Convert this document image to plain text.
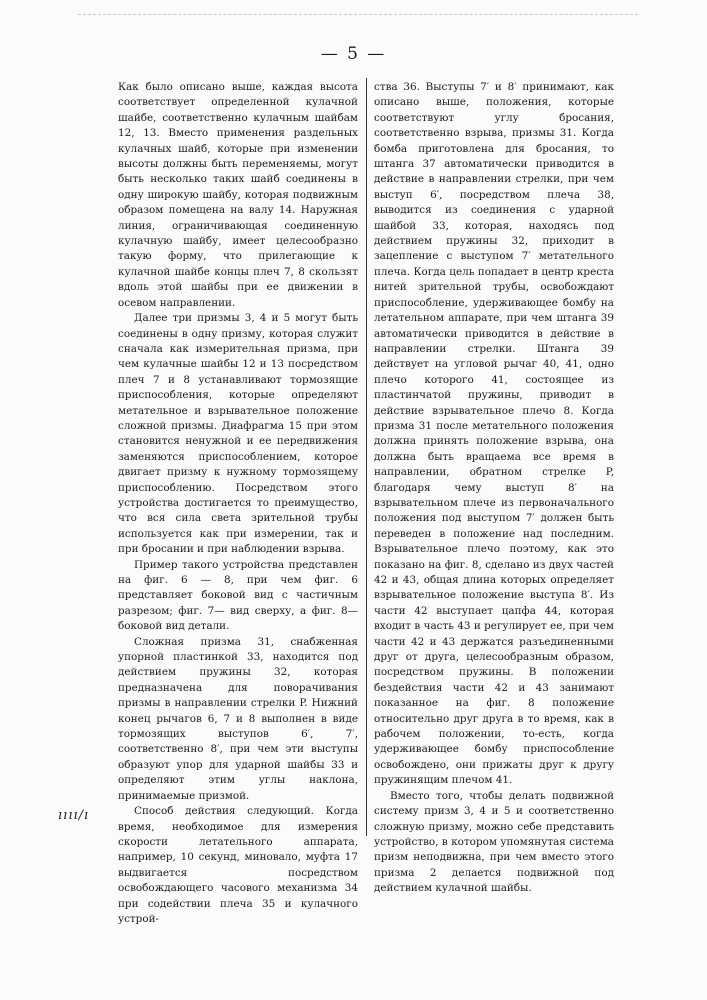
— 5 —

Как было описано выше, каждая высота соответствует определенной кулачной шайбе, соответственно кулачным шайбам 12, 13. Вместо применения раздельных кулачных шайб, которые при изменении высоты должны быть переменяемы, могут быть несколько таких шайб соединены в одну широкую шайбу, которая подвижным образом помещена на валу 14. Наружная линия, ограничивающая соединенную кулачную шайбу, имеет целесообразно такую форму, что прилегающие к кулачной шайбе концы плеч 7, 8 скользят вдоль этой шайбы при ее движении в осевом направлении.

Далее три призмы 3, 4 и 5 могут быть соединены в одну призму, которая служит сначала как измерительная призма, при чем кулачные шайбы 12 и 13 посредством плеч 7 и 8 устанавливают тормозящие приспособления, которые определяют метательное и взрывательное положение сложной призмы. Диафрагма 15 при этом становится ненужной и ее передвижения заменяются приспособлением, которое двигает призму к нужному тормозящему приспособлению. Посредством этого устройства достигается то преимущество, что вся сила света зрительной трубы используется как при измерении, так и при бросании и при наблюдении взрыва.

Пример такого устройства представлен на фиг. 6 — 8, при чем фиг. 6 представляет боковой вид с частичным разрезом; фиг. 7— вид сверху, а фиг. 8—боковой вид детали.

Сложная призма 31, снабженная упорной пластинкой 33, находится под действием пружины 32, которая предназначена для поворачивания призмы в направлении стрелки P. Нижний конец рычагов 6, 7 и 8 выполнен в виде тормозящих выступов 6′, 7′, соответственно 8′, при чем эти выступы образуют упор для ударной шайбы 33 и определяют этим углы наклона, принимаемые призмой.

Способ действия следующий. Когда время, необходимое для измерения скорости летательного аппарата, например, 10 секунд, миновало, муфта 17 выдвигается посредством освобождающего часового механизма 34 при содействии плеча 35 и кулачного устрой-

ства 36. Выступы 7′ и 8′ принимают, как описано выше, положения, которые соответствуют углу бросания, соответственно взрыва, призмы 31. Когда бомба приготовлена для бросания, то штанга 37 автоматически приводится в действие в направлении стрелки, при чем выступ 6′, посредством плеча 38, выводится из соединения с ударной шайбой 33, которая, находясь под действием пружины 32, приходит в зацепление с выступом 7′ метательного плеча. Когда цель попадает в центр креста нитей зрительной трубы, освобождают приспособление, удерживающее бомбу на летательном аппарате, при чем штанга 39 автоматически приводится в действие в направлении стрелки. Штанга 39 действует на угловой рычаг 40, 41, одно плечо которого 41, состоящее из пластинчатой пружины, приводит в действие взрывательное плечо 8. Когда призма 31 после метательного положения должна принять положение взрыва, она должна быть вращаема все время в направлении, обратном стрелке P, благодаря чему выступ 8′ на взрывательном плече из первоначального положения под выступом 7′ должен быть переведен в положение над последним. Взрывательное плечо поэтому, как это показано на фиг. 8, сделано из двух частей 42 и 43, общая длина которых определяет взрывательное положение выступа 8′. Из части 42 выступает цапфа 44, которая входит в часть 43 и регулирует ее, при чем части 42 и 43 держатся разъединенными друг от друга, целесообразным образом, посредством пружины. В положении бездействия части 42 и 43 занимают показанное на фиг. 8 положение относительно друг друга в то время, как в рабочем положении, то-есть, когда удерживающее бомбу приспособление освобождено, они прижаты друг к другу пружинящим плечом 41.

Вместо того, чтобы делать подвижной систему призм 3, 4 и 5 и соответственно сложную призму, можно себе представить устройство, в котором упомянутая система призм неподвижна, при чем вместо этого призма 2 делается подвижной под действием кулачной шайбы.

ıııı/ı
